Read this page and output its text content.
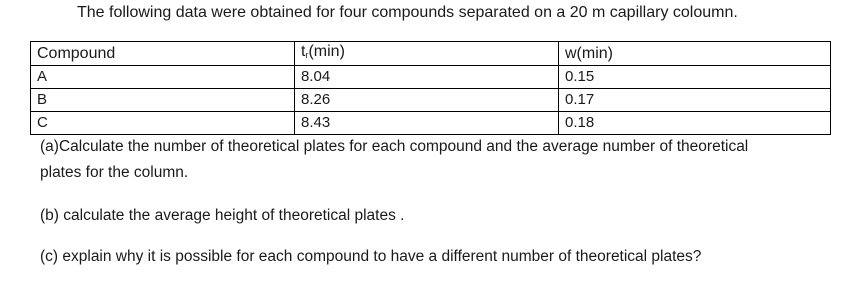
The following data were obtained for four compounds separated on a 20 m capillary coloumn.
Compound	$t_r(\min)$	w(min)
A	8.04	0.15
B	8.26	0.17
C	8.43	0.18
(a)Calculate the number of theoretical plates for each compound and the average number of theoretical
plates for the column.
(b) calculate the average height of theoretical plates .
(c) explain why it is possible for each compound to have a different number of theoretical plates?
